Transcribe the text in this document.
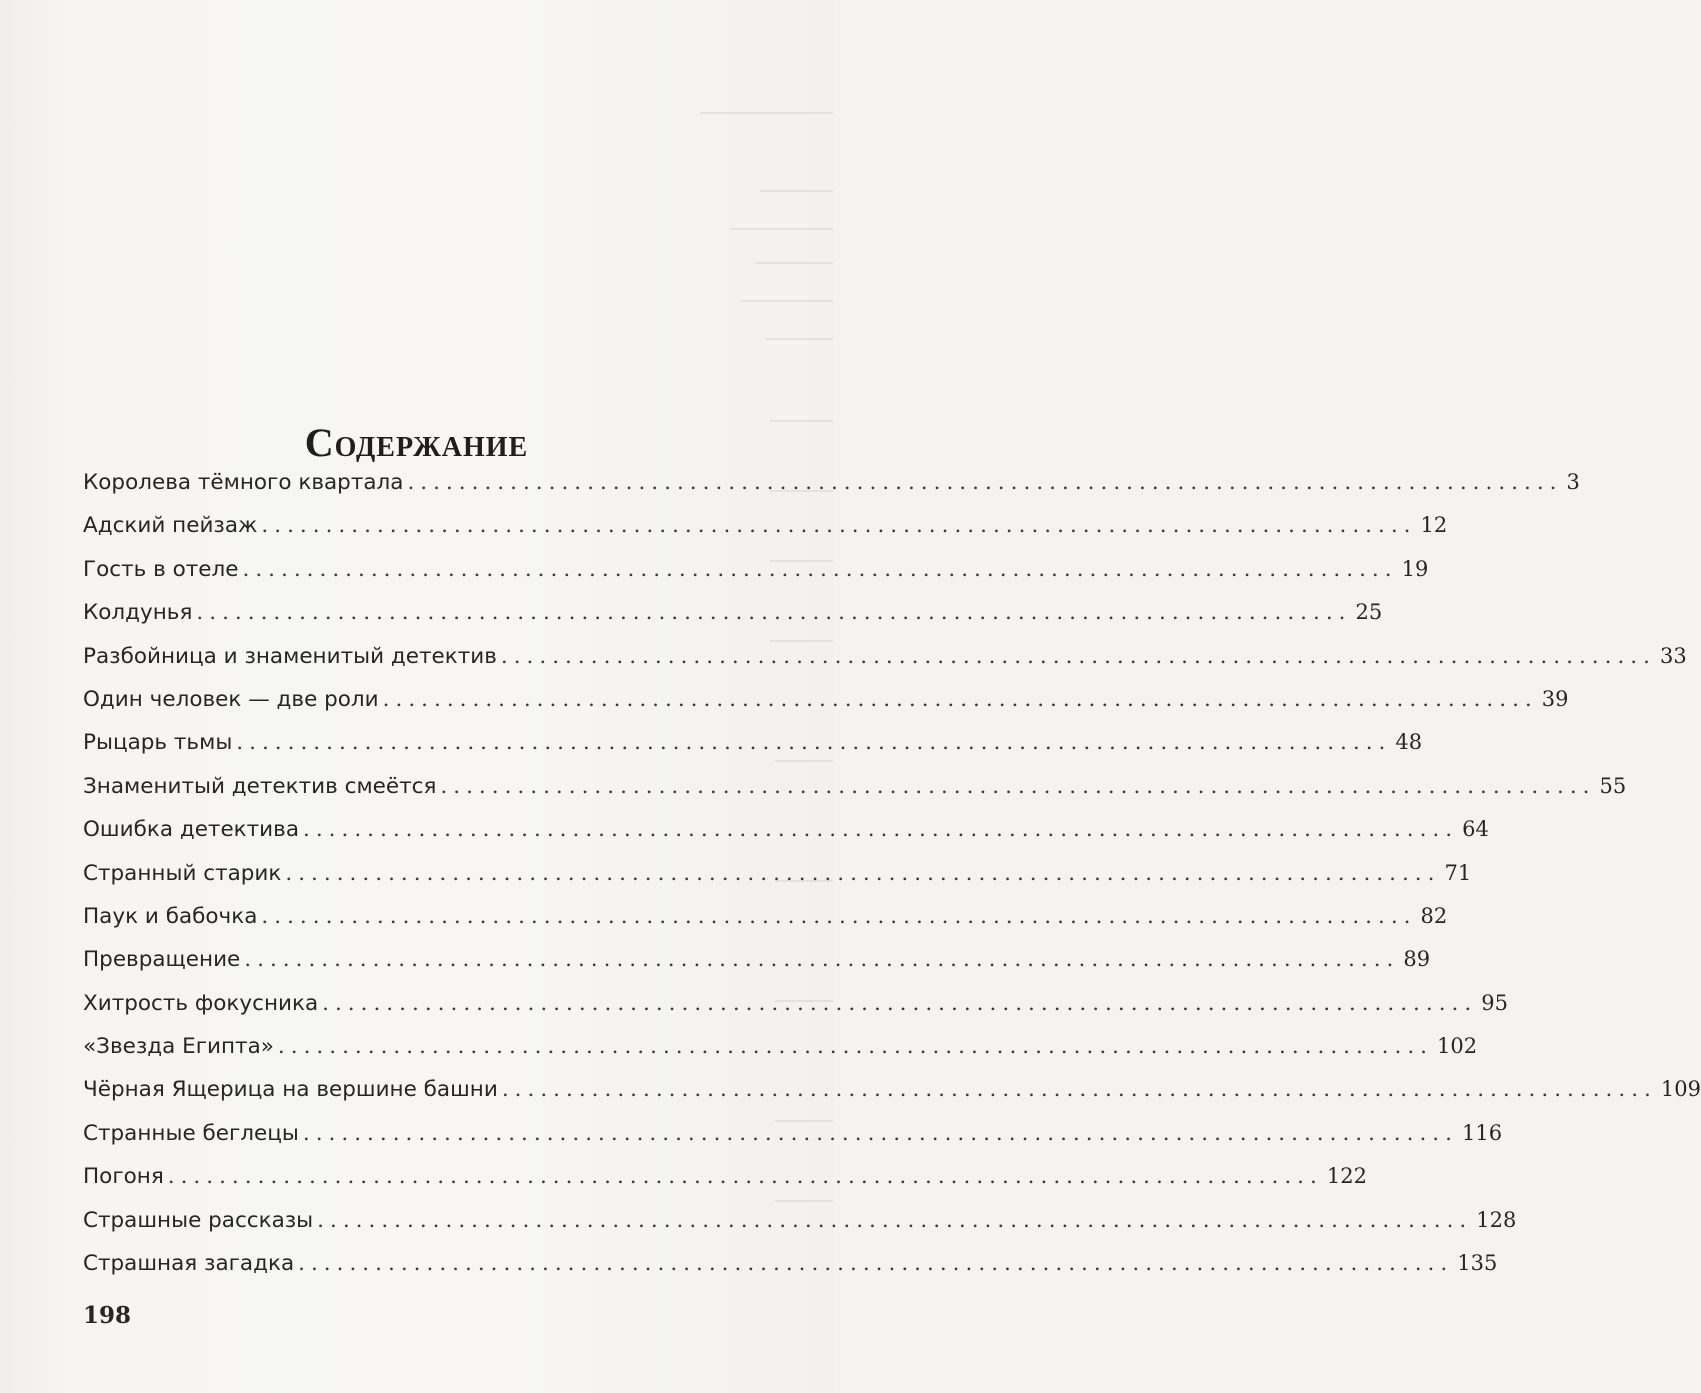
Содержание
Королева тёмного квартала .......................................................................................... 3
Адский пейзаж .......................................................................................... 12
Гость в отеле .......................................................................................... 19
Колдунья .......................................................................................... 25
Разбойница и знаменитый детектив .......................................................................................... 33
Один человек — две роли .......................................................................................... 39
Рыцарь тьмы .......................................................................................... 48
Знаменитый детектив смеётся .......................................................................................... 55
Ошибка детектива .......................................................................................... 64
Странный старик .......................................................................................... 71
Паук и бабочка .......................................................................................... 82
Превращение .......................................................................................... 89
Хитрость фокусника .......................................................................................... 95
«Звезда Египта» .......................................................................................... 102
Чёрная Ящерица на вершине башни .......................................................................................... 109
Странные беглецы .......................................................................................... 116
Погоня .......................................................................................... 122
Страшные рассказы .......................................................................................... 128
Страшная загадка .......................................................................................... 135
198
